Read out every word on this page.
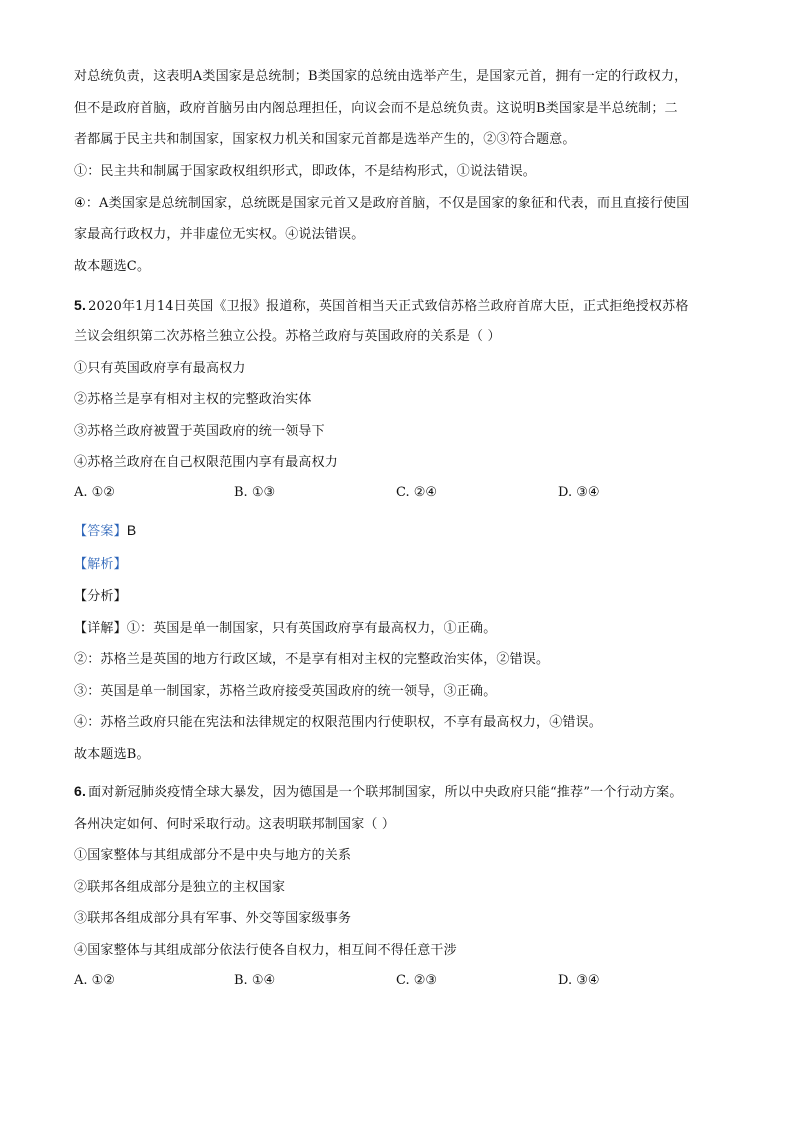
对总统负责，这表明A类国家是总统制；B类国家的总统由选举产生，是国家元首，拥有一定的行政权力，
但不是政府首脑，政府首脑另由内阁总理担任，向议会而不是总统负责。这说明B类国家是半总统制；二
者都属于民主共和制国家，国家权力机关和国家元首都是选举产生的，②③符合题意。
①：民主共和制属于国家政权组织形式，即政体，不是结构形式，①说法错误。
④：A类国家是总统制国家，总统既是国家元首又是政府首脑，不仅是国家的象征和代表，而且直接行使国
家最高行政权力，并非虚位无实权。④说法错误。
故本题选C。
5. 2020年1月14日英国《卫报》报道称，英国首相当天正式致信苏格兰政府首席大臣，正式拒绝授权苏格
兰议会组织第二次苏格兰独立公投。苏格兰政府与英国政府的关系是（ ）
①只有英国政府享有最高权力
②苏格兰是享有相对主权的完整政治实体
③苏格兰政府被置于英国政府的统一领导下
④苏格兰政府在自己权限范围内享有最高权力
A. ①②	B. ①③	C. ②④	D. ③④
【答案】B
【解析】
【分析】
【详解】①：英国是单一制国家，只有英国政府享有最高权力，①正确。
②：苏格兰是英国的地方行政区域，不是享有相对主权的完整政治实体，②错误。
③：英国是单一制国家，苏格兰政府接受英国政府的统一领导，③正确。
④：苏格兰政府只能在宪法和法律规定的权限范围内行使职权，不享有最高权力，④错误。
故本题选B。
6. 面对新冠肺炎疫情全球大暴发，因为德国是一个联邦制国家，所以中央政府只能“推荐”一个行动方案。
各州决定如何、何时采取行动。这表明联邦制国家（ ）
①国家整体与其组成部分不是中央与地方的关系
②联邦各组成部分是独立的主权国家
③联邦各组成部分具有军事、外交等国家级事务
④国家整体与其组成部分依法行使各自权力，相互间不得任意干涉
A. ①②	B. ①④	C. ②③	D. ③④
